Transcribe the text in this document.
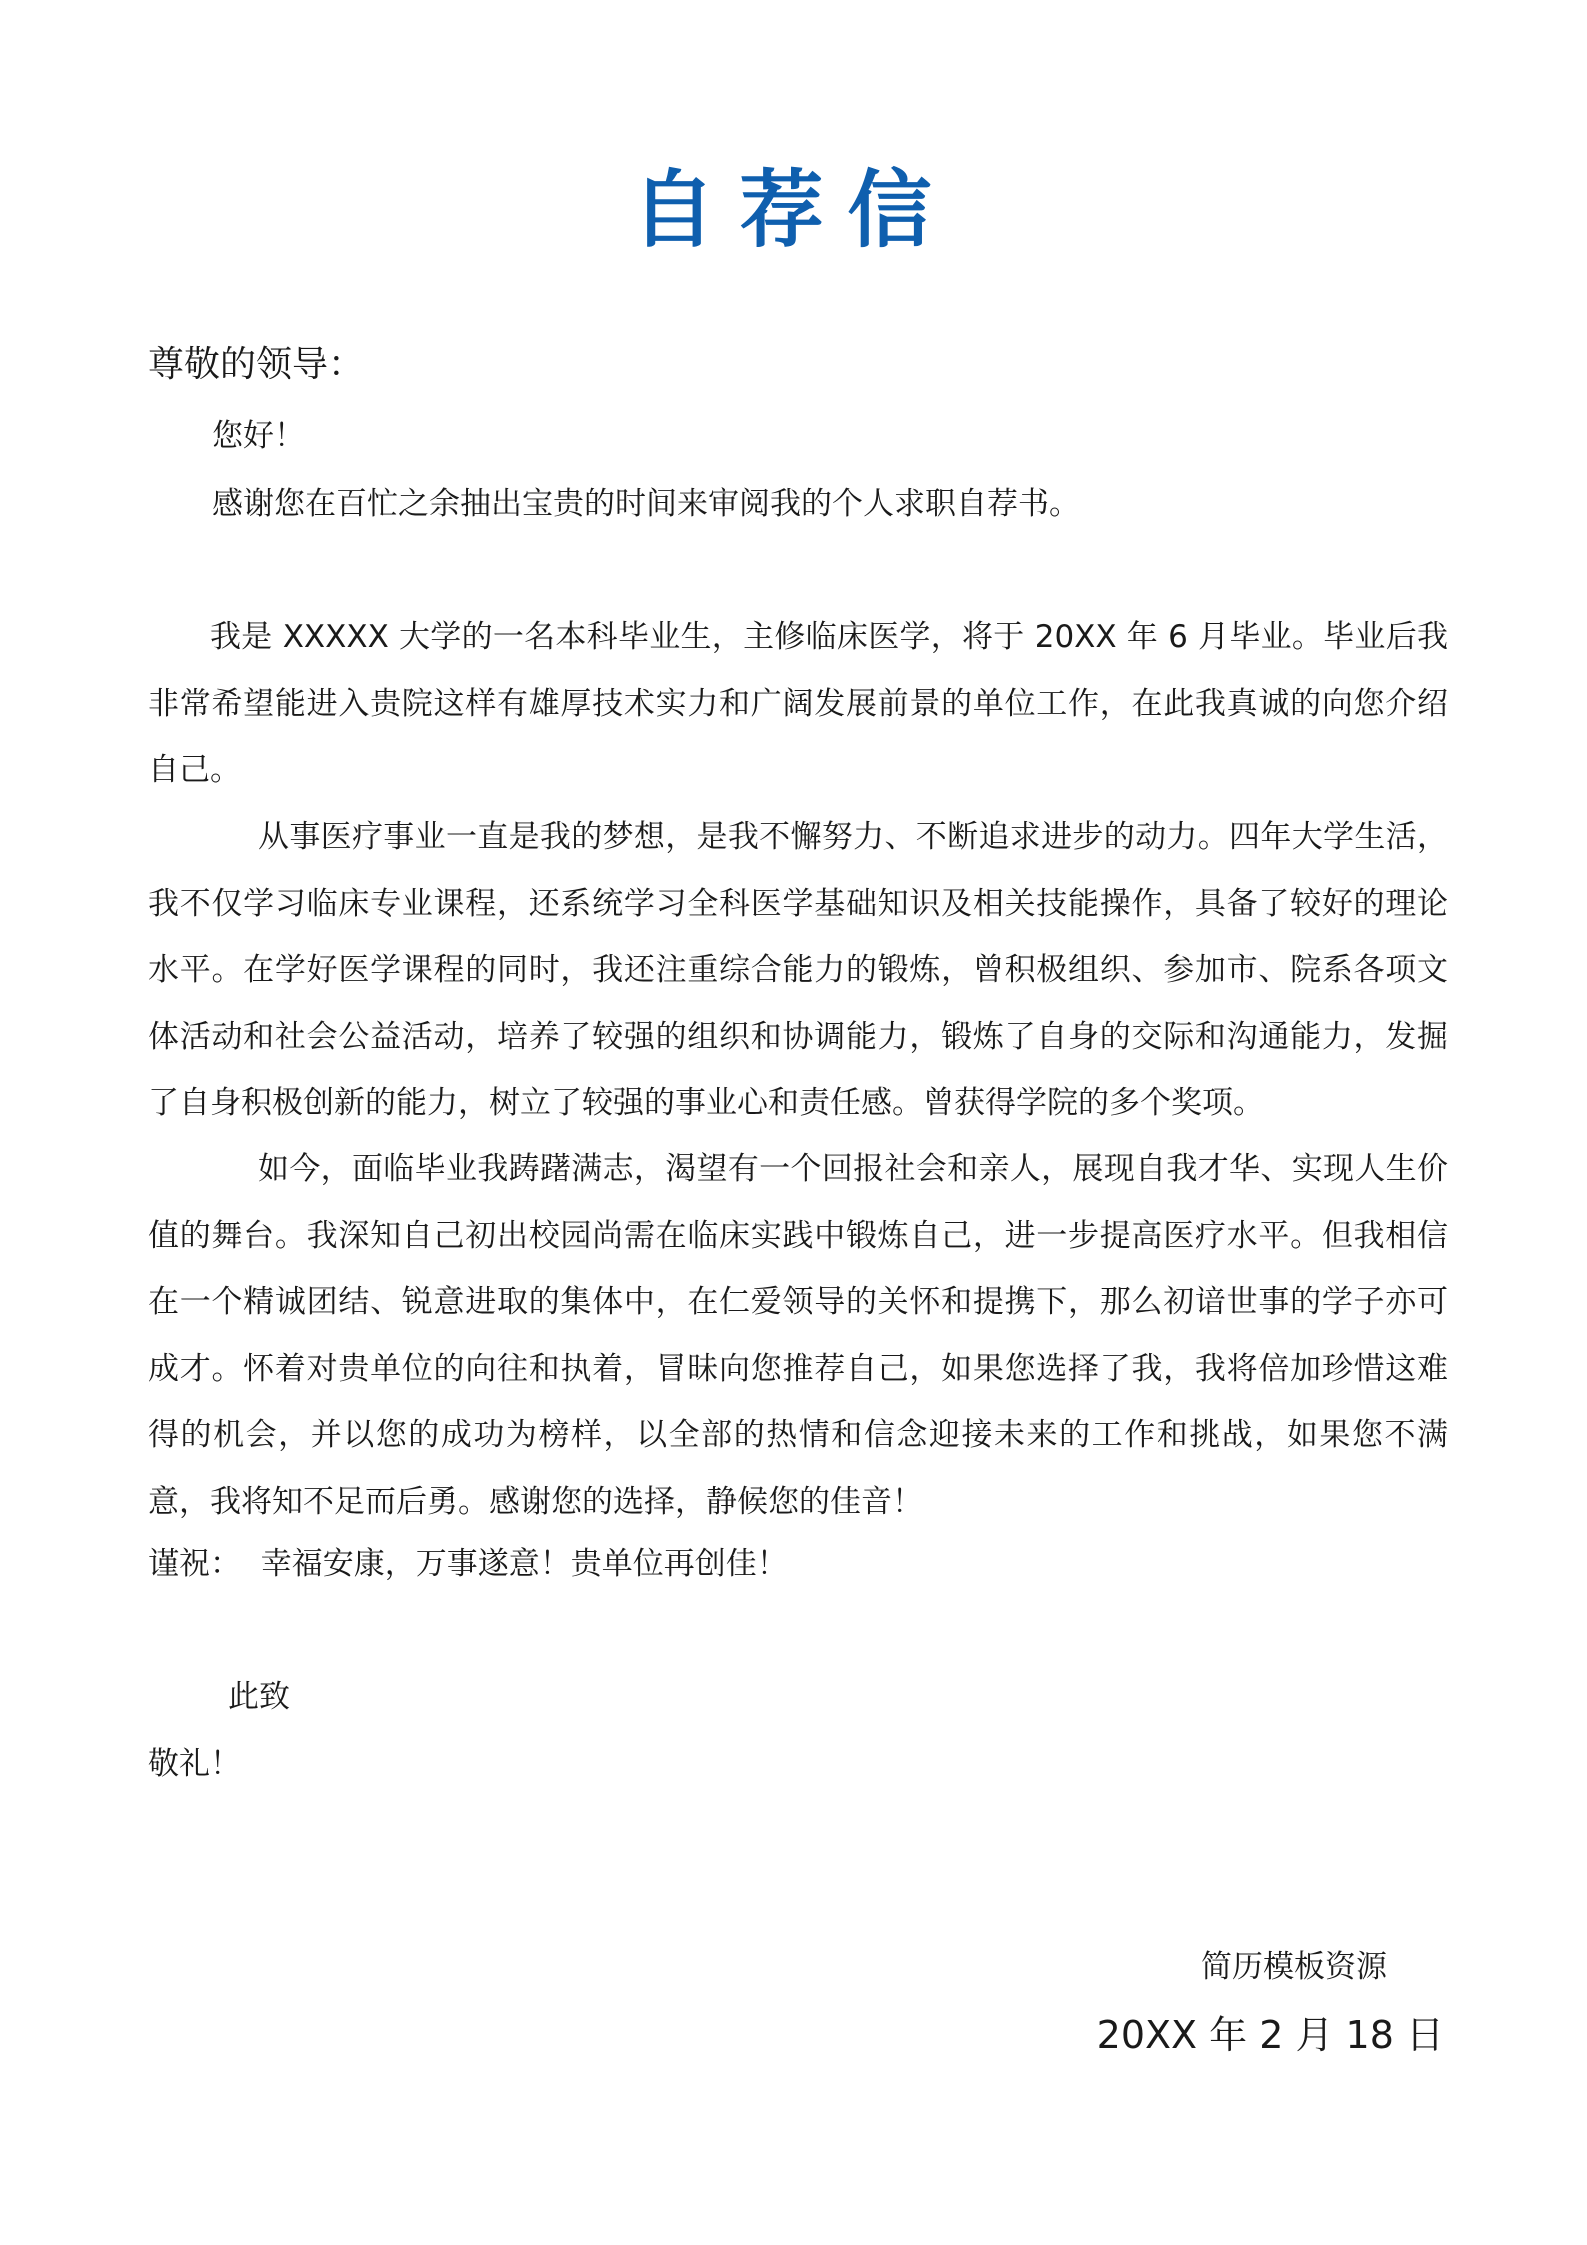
自荐信

尊敬的领导：

您好！

感谢您在百忙之余抽出宝贵的时间来审阅我的个人求职自荐书。

我是 XXXXX 大学的一名本科毕业生，主修临床医学，将于 20XX 年 6 月毕业。毕业后我非常希望能进入贵院这样有雄厚技术实力和广阔发展前景的单位工作，在此我真诚的向您介绍自己。

从事医疗事业一直是我的梦想，是我不懈努力、不断追求进步的动力。四年大学生活，我不仅学习临床专业课程，还系统学习全科医学基础知识及相关技能操作，具备了较好的理论水平。在学好医学课程的同时，我还注重综合能力的锻炼，曾积极组织、参加市、院系各项文体活动和社会公益活动，培养了较强的组织和协调能力，锻炼了自身的交际和沟通能力，发掘了自身积极创新的能力，树立了较强的事业心和责任感。曾获得学院的多个奖项。

如今，面临毕业我踌躇满志，渴望有一个回报社会和亲人，展现自我才华、实现人生价值的舞台。我深知自己初出校园尚需在临床实践中锻炼自己，进一步提高医疗水平。但我相信在一个精诚团结、锐意进取的集体中，在仁爱领导的关怀和提携下，那么初谙世事的学子亦可成才。怀着对贵单位的向往和执着，冒昧向您推荐自己，如果您选择了我，我将倍加珍惜这难得的机会，并以您的成功为榜样，以全部的热情和信念迎接未来的工作和挑战，如果您不满意，我将知不足而后勇。感谢您的选择，静候您的佳音！

谨祝：  幸福安康，万事遂意！贵单位再创佳！

此致

敬礼！

简历模板资源

20XX 年 2 月 18 日
